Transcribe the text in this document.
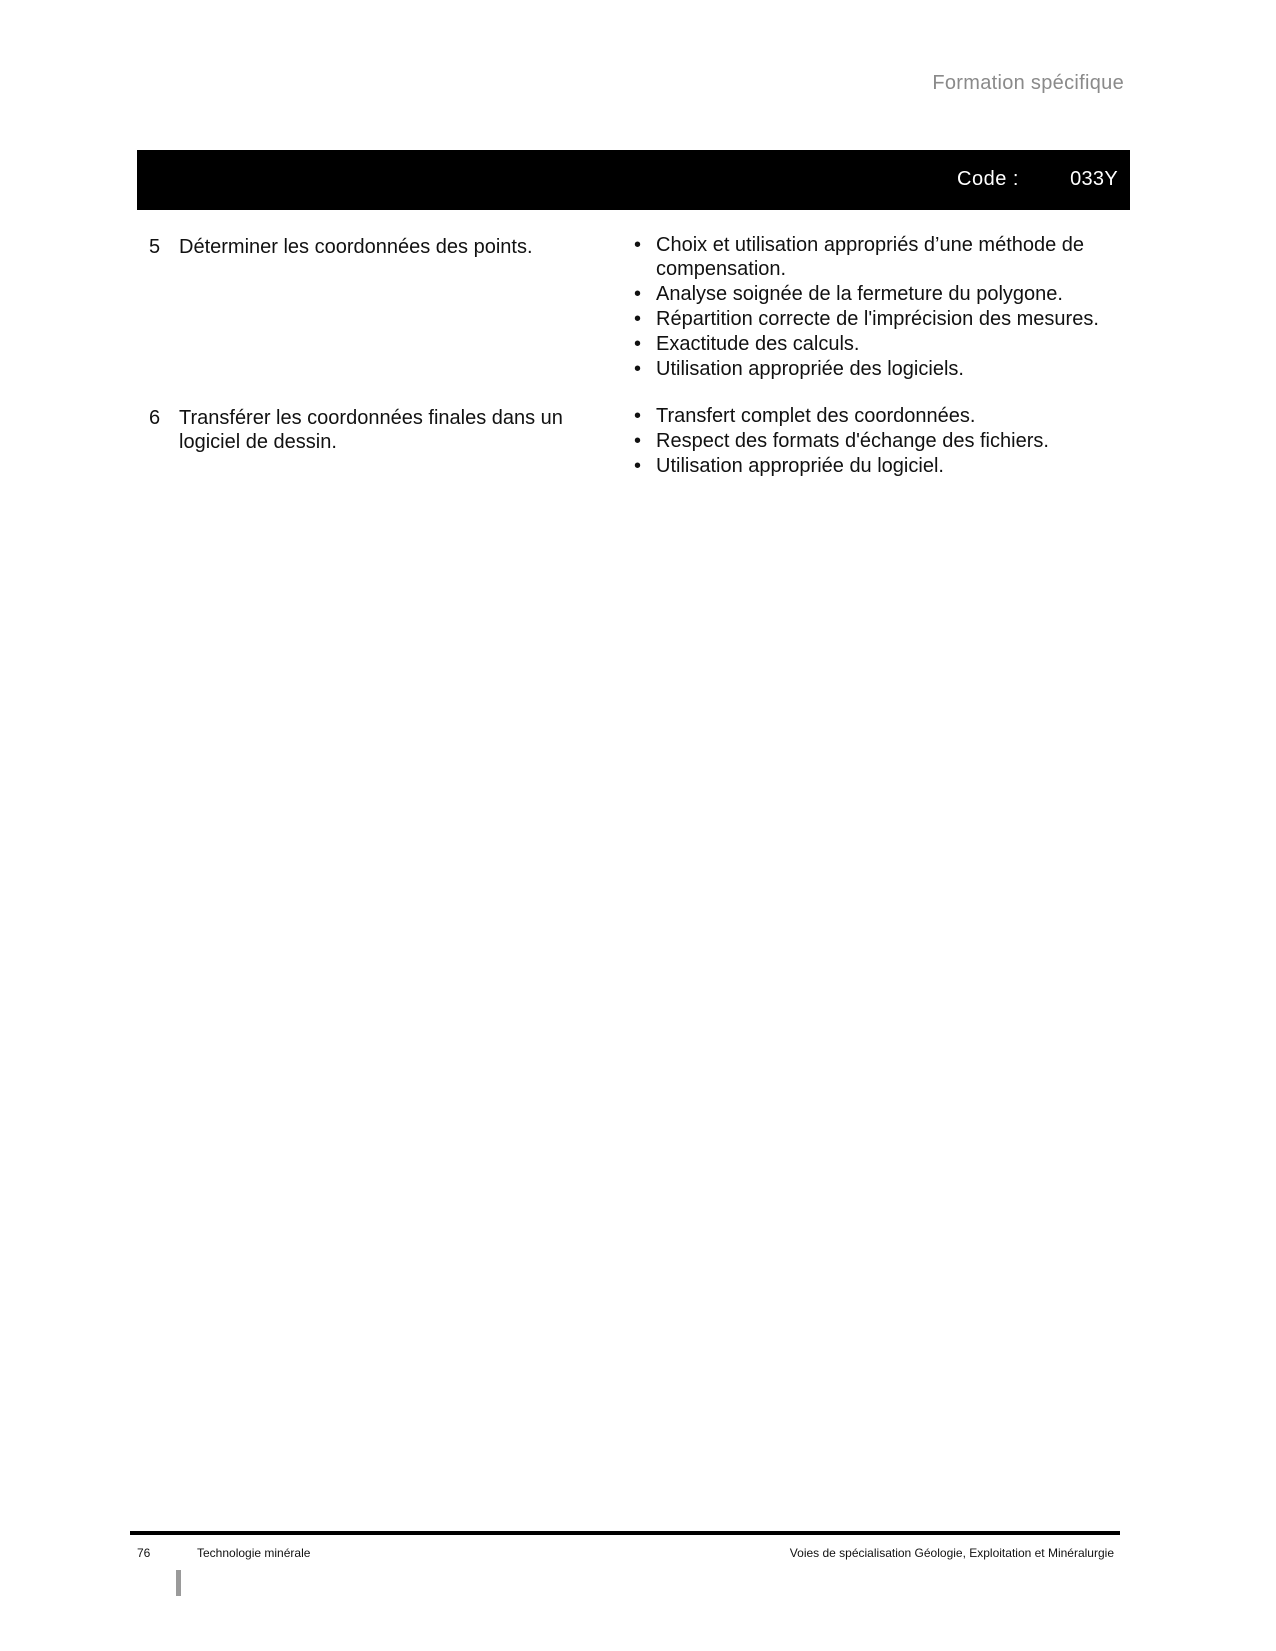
Formation spécifique
Code :	033Y
5 Déterminer les coordonnées des points.	• Choix et utilisation appropriés d’une méthode de compensation.
• Analyse soignée de la fermeture du polygone.
• Répartition correcte de l'imprécision des mesures.
• Exactitude des calculs.
• Utilisation appropriée des logiciels.
6 Transférer les coordonnées finales dans un logiciel de dessin.
• Transfert complet des coordonnées.
• Respect des formats d'échange des fichiers.
• Utilisation appropriée du logiciel.
76	Technologie minérale	Voies de spécialisation Géologie, Exploitation et Minéralurgie
